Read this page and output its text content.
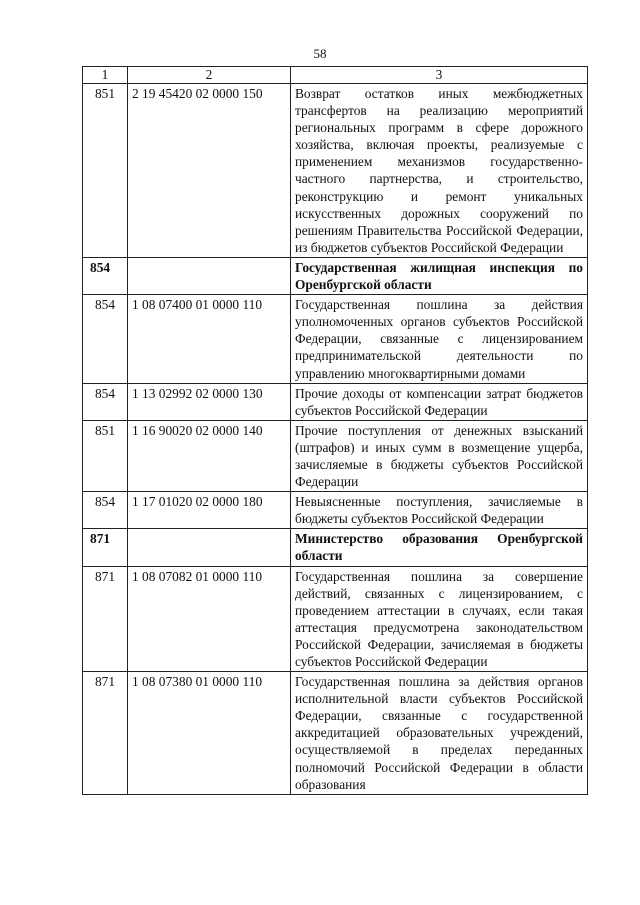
58
1	2	3
851	2 19 45420 02 0000 150	Возврат остатков иных межбюджетных трансфертов на реализацию мероприятий региональных программ в сфере дорожного хозяйства, включая проекты, реализуемые с применением механизмов государственно-частного партнерства, и строительство, реконструкцию и ремонт уникальных искусственных дорожных сооружений по решениям Правительства Российской Федерации, из бюджетов субъектов Российской Федерации
854		Государственная жилищная инспекция по Оренбургской области
854	1 08 07400 01 0000 110	Государственная пошлина за действия уполномоченных органов субъектов Российской Федерации, связанные с лицензированием предпринимательской деятельности по управлению многоквартирными домами
854	1 13 02992 02 0000 130	Прочие доходы от компенсации затрат бюджетов субъектов Российской Федерации
851	1 16 90020 02 0000 140	Прочие поступления от денежных взысканий (штрафов) и иных сумм в возмещение ущерба, зачисляемые в бюджеты субъектов Российской Федерации
854	1 17 01020 02 0000 180	Невыясненные поступления, зачисляемые в бюджеты субъектов Российской Федерации
871		Министерство образования Оренбургской области
871	1 08 07082 01 0000 110	Государственная пошлина за совершение действий, связанных с лицензированием, с проведением аттестации в случаях, если такая аттестация предусмотрена законодательством Российской Федерации, зачисляемая в бюджеты субъектов Российской Федерации
871	1 08 07380 01 0000 110	Государственная пошлина за действия органов исполнительной власти субъектов Российской Федерации, связанные с государственной аккредитацией образовательных учреждений, осуществляемой в пределах переданных полномочий Российской Федерации в области образования
